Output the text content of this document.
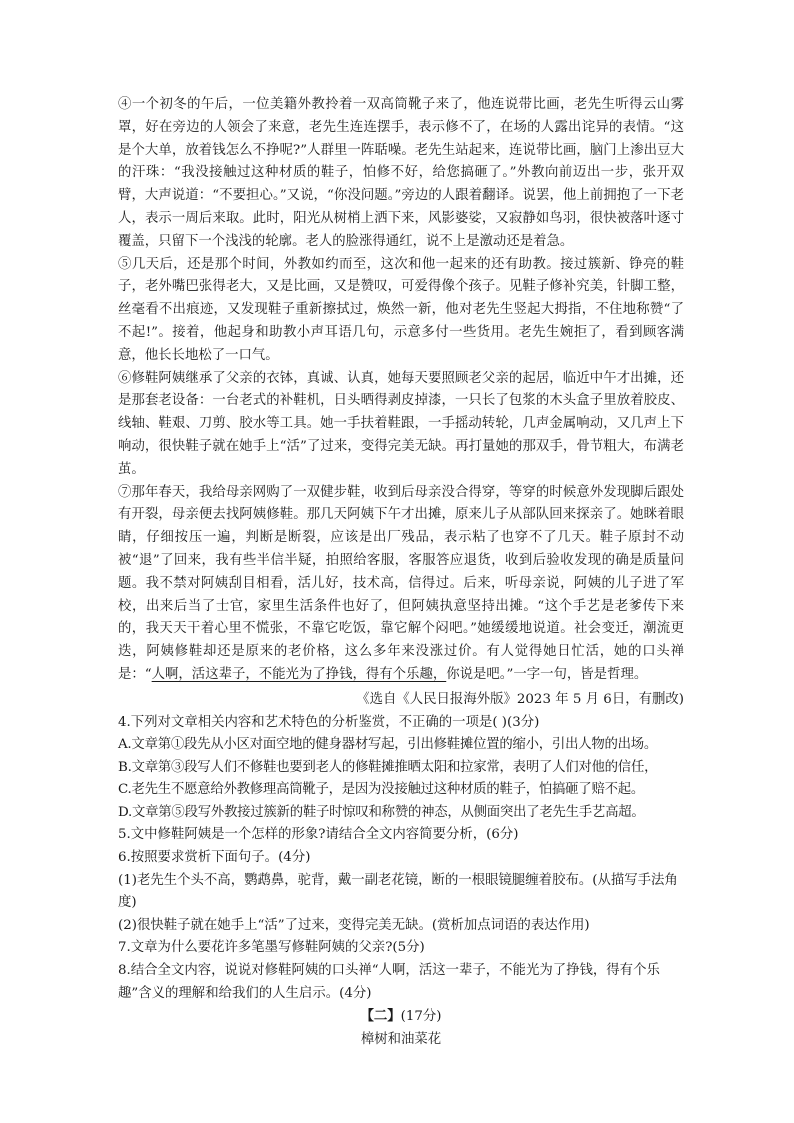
④一个初冬的午后，一位美籍外教拎着一双高筒靴子来了，他连说带比画，老先生听得云山雾罩，好在旁边的人领会了来意，老先生连连摆手，表示修不了，在场的人露出诧异的表情。“这是个大单，放着钱怎么不挣呢?”人群里一阵聒噪。老先生站起来，连说带比画，脑门上渗出豆大的汗珠：“我没接触过这种材质的鞋子，怕修不好，给您搞砸了。”外教向前迈出一步，张开双臂，大声说道：“不要担心。”又说，“你没问题。”旁边的人跟着翻译。说罢，他上前拥抱了一下老人，表示一周后来取。此时，阳光从树梢上洒下来，风影婆娑，又寂静如鸟羽，很快被落叶逐寸覆盖，只留下一个浅浅的轮廓。老人的脸涨得通红，说不上是激动还是着急。

⑤几天后，还是那个时间，外教如约而至，这次和他一起来的还有助教。接过簇新、铮亮的鞋子，老外嘴巴张得老大，又是比画，又是赞叹，可爱得像个孩子。见鞋子修补究美，针脚工整，丝毫看不出痕迹，又发现鞋子重新擦拭过，焕然一新，他对老先生竖起大拇指，不住地称赞“了不起!”。接着，他起身和助教小声耳语几句，示意多付一些货用。老先生婉拒了，看到顾客满意，他长长地松了一口气。

⑥修鞋阿姨继承了父亲的衣钵，真诚、认真，她每天要照顾老父亲的起居，临近中午才出摊，还是那套老设备：一台老式的补鞋机，日头晒得剥皮掉漆，一只长了包浆的木头盒子里放着胶皮、线轴、鞋艰、刀剪、胶水等工具。她一手扶着鞋跟，一手摇动转轮，几声金属响动，又几声上下响动，很快鞋子就在她手上“活”了过来，变得完美无缺。再打量她的那双手，骨节粗大，布满老茧。

⑦那年春天，我给母亲网购了一双健步鞋，收到后母亲没合得穿，等穿的时候意外发现脚后跟处有开裂，母亲便去找阿姨修鞋。那几天阿姨下午才出摊，原来儿子从部队回来探亲了。她眯着眼睛，仔细按压一遍，判断是断裂，应该是出厂残品，表示粘了也穿不了几天。鞋子原封不动被“退”了回来，我有些半信半疑，拍照给客服，客服答应退货，收到后验收发现的确是质量问题。我不禁对阿姨刮目相看，活儿好，技术高，信得过。后来，听母亲说，阿姨的儿子进了军校，出来后当了士官，家里生活条件也好了，但阿姨执意坚持出摊。“这个手艺是老爹传下来的，我天天干着心里不慌张，不靠它吃饭，靠它解个闷吧。”她缓缓地说道。社会变迁，潮流更迭，阿姨修鞋却还是原来的老价格，这么多年来没涨过价。有人觉得她日忙活，她的口头禅是：“人啊，活这辈子，不能光为了挣钱，得有个乐趣，你说是吧。”一字一句，皆是哲理。

《选自《人民日报海外版》2023 年 5 月 6日，有删改)

4.下列对文章相关内容和艺术特色的分析鉴赏，不正确的一项是( )(3分)

A.文章第①段先从小区对面空地的健身器材写起，引出修鞋摊位置的缩小，引出人物的出场。

B.文章第③段写人们不修鞋也要到老人的修鞋摊推晒太阳和拉家常，表明了人们对他的信任，

C.老先生不愿意给外教修理高筒靴子，是因为没接触过这种材质的鞋子，怕搞砸了赔不起。

D.文章第⑤段写外教接过簇新的鞋子时惊叹和称赞的神态，从侧面突出了老先生手艺高超。

5.文中修鞋阿姨是一个怎样的形象?请结合全文内容简要分析，(6分)

6.按照要求赏析下面句子。(4分)

(1)老先生个头不高，鹦鹉鼻，驼背，戴一副老花镜，断的一根眼镜腿缠着胶布。(从描写手法角度)

(2)很快鞋子就在她手上“活”了过来，变得完美无缺。(赏析加点词语的表达作用)

7.文章为什么要花许多笔墨写修鞋阿姨的父亲?(5分)

8.结合全文内容，说说对修鞋阿姨的口头禅“人啊，活这一辈子，不能光为了挣钱，得有个乐趣”含义的理解和给我们的人生启示。(4分)

【二】(17分)

樟树和油菜花
